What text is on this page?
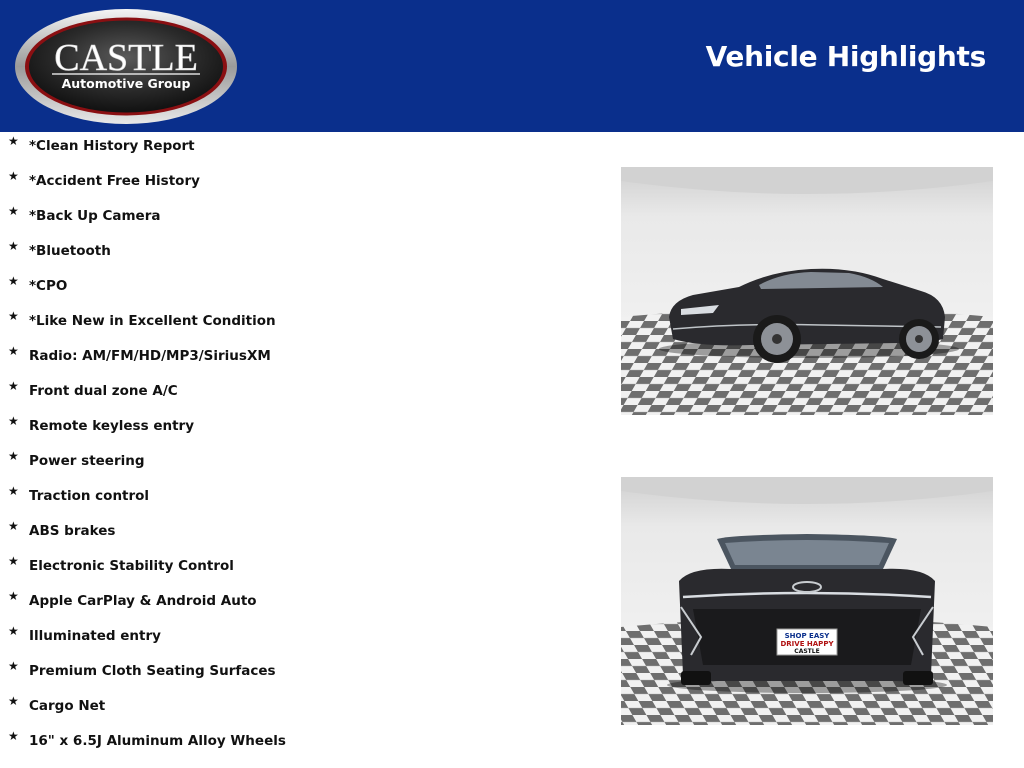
CASTLE
Automotive Group
Vehicle Highlights
★ *Clean History Report
★ *Accident Free History
★ *Back Up Camera
★ *Bluetooth
★ *CPO
★ *Like New in Excellent Condition
★ Radio: AM/FM/HD/MP3/SiriusXM
★ Front dual zone A/C
★ Remote keyless entry
★ Power steering
★ Traction control
★ ABS brakes
★ Electronic Stability Control
★ Apple CarPlay & Android Auto
★ Illuminated entry
★ Premium Cloth Seating Surfaces
★ Cargo Net
★ 16" x 6.5J Aluminum Alloy Wheels
SHOP EASY
DRIVE HAPPY
CASTLE
